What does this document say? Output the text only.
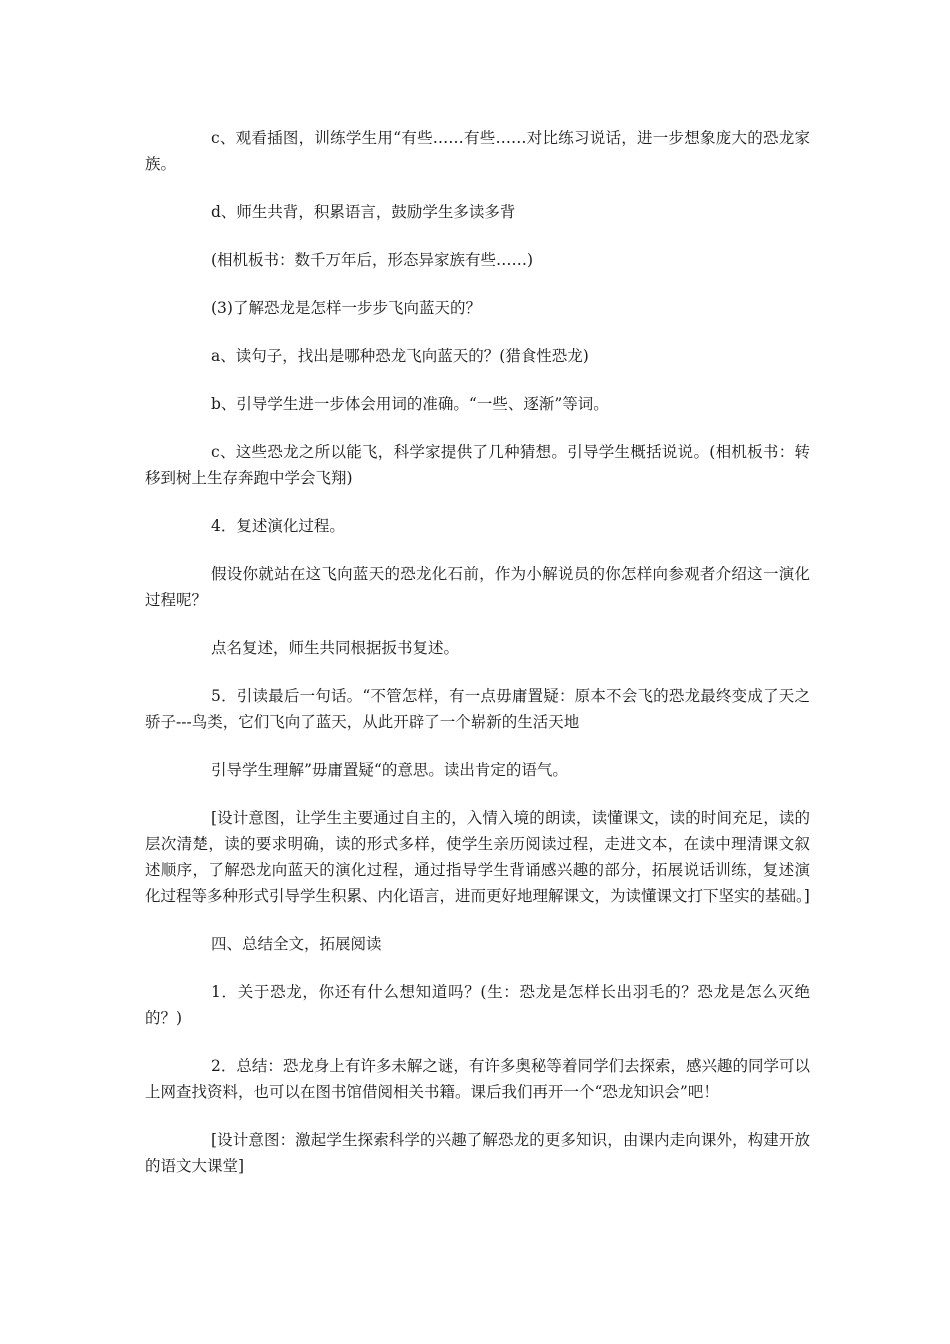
c、观看插图，训练学生用“有些……有些……对比练习说话，进一步想象庞大的恐龙家族。

d、师生共背，积累语言，鼓励学生多读多背

(相机板书：数千万年后，形态异家族有些……)

(3)了解恐龙是怎样一步步飞向蓝天的？

a、读句子，找出是哪种恐龙飞向蓝天的？(猎食性恐龙)

b、引导学生进一步体会用词的准确。“一些、逐渐”等词。

c、这些恐龙之所以能飞，科学家提供了几种猜想。引导学生概括说说。(相机板书：转移到树上生存奔跑中学会飞翔)

4．复述演化过程。

假设你就站在这飞向蓝天的恐龙化石前，作为小解说员的你怎样向参观者介绍这一演化过程呢？

点名复述，师生共同根据扳书复述。

5．引读最后一句话。“不管怎样，有一点毋庸置疑：原本不会飞的恐龙最终变成了天之骄子---鸟类，它们飞向了蓝天，从此开辟了一个崭新的生活天地

引导学生理解”毋庸置疑“的意思。读出肯定的语气。

[设计意图，让学生主要通过自主的，入情入境的朗读，读懂课文，读的时间充足，读的层次清楚，读的要求明确，读的形式多样，使学生亲历阅读过程，走进文本，在读中理清课文叙述顺序，了解恐龙向蓝天的演化过程，通过指导学生背诵感兴趣的部分，拓展说话训练，复述演化过程等多种形式引导学生积累、内化语言，进而更好地理解课文，为读懂课文打下坚实的基础。]

四、总结全文，拓展阅读

1．关于恐龙，你还有什么想知道吗？(生：恐龙是怎样长出羽毛的？恐龙是怎么灭绝的？)

2．总结：恐龙身上有许多未解之谜，有许多奥秘等着同学们去探索，感兴趣的同学可以上网查找资料，也可以在图书馆借阅相关书籍。课后我们再开一个“恐龙知识会”吧！

[设计意图：激起学生探索科学的兴趣了解恐龙的更多知识，由课内走向课外，构建开放的语文大课堂]
